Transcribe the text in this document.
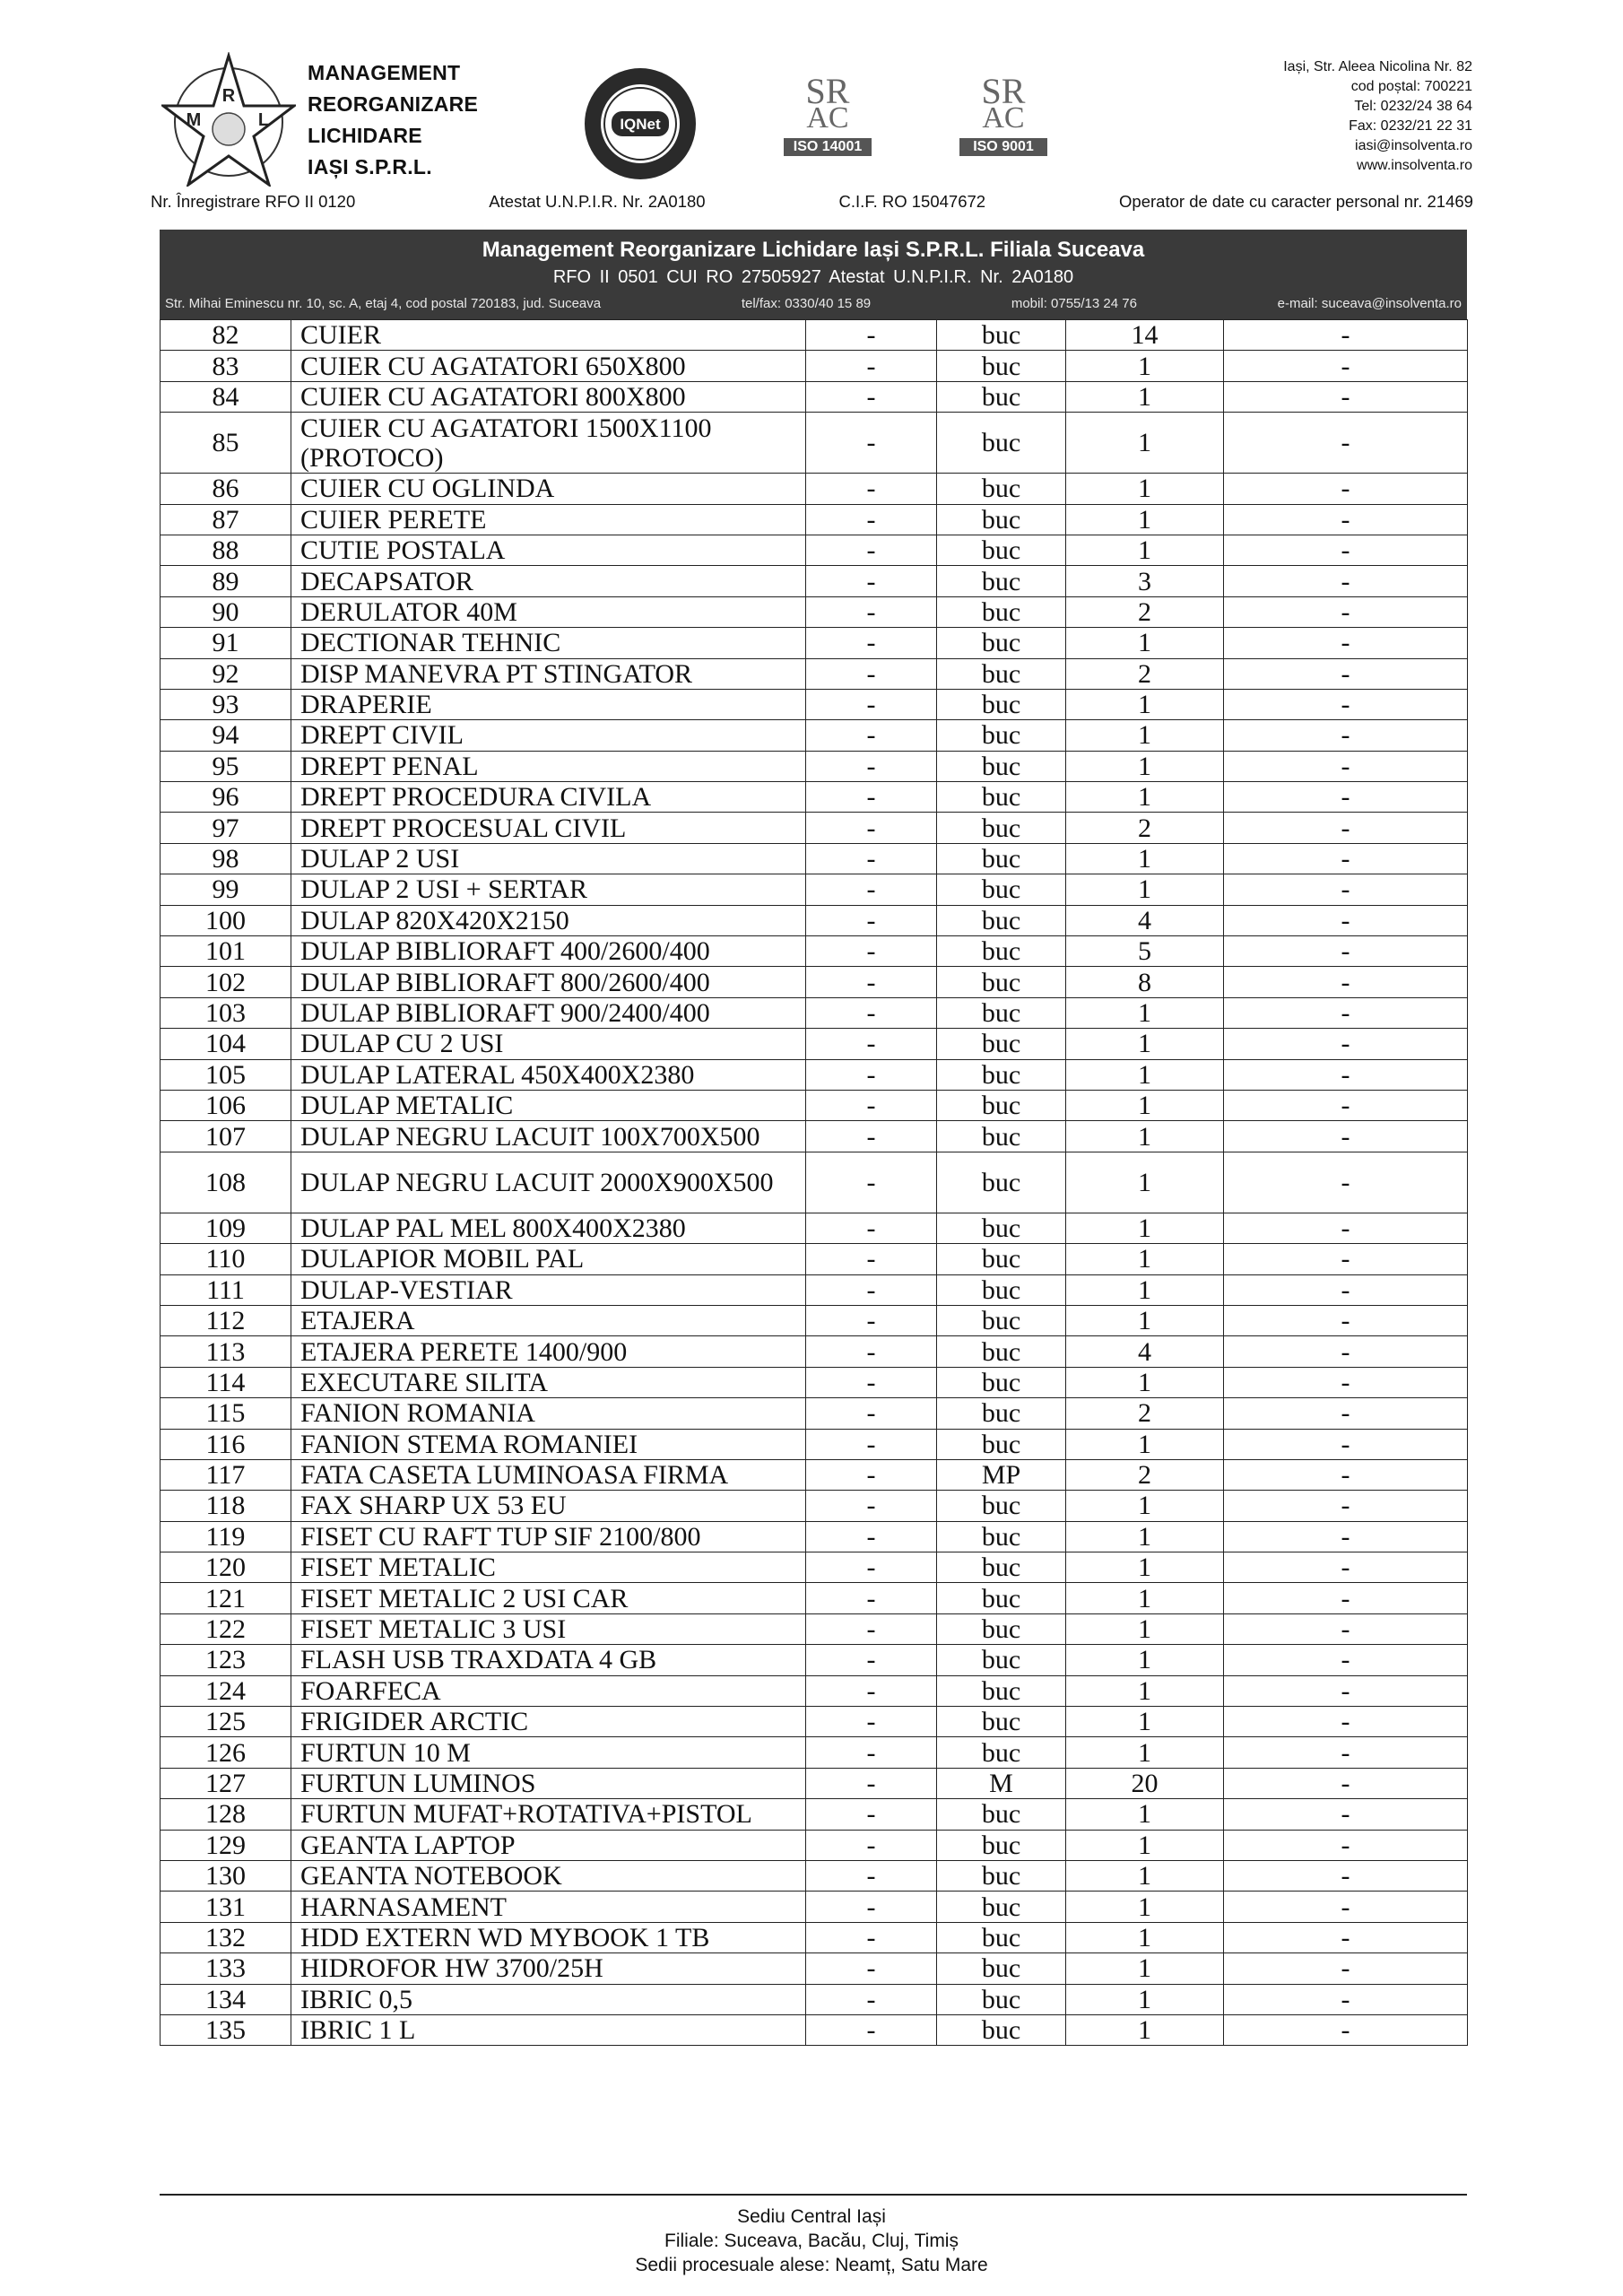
R
M	L
MANAGEMENT
REORGANIZARE
LICHIDARE
IAȘI S.P.R.L.
IQNet
SR
AC
ISO 14001
SR
AC
ISO 9001
Iași, Str. Aleea Nicolina Nr. 82
cod poștal: 700221
Tel: 0232/24 38 64
Fax: 0232/21 22 31
iasi@insolventa.ro
www.insolventa.ro
Nr. Înregistrare RFO II 0120	Atestat U.N.P.I.R. Nr. 2A0180	C.I.F. RO 15047672	Operator de date cu caracter personal nr. 21469
Management Reorganizare Lichidare Iași S.P.R.L. Filiala Suceava
RFO II 0501 CUI RO 27505927 Atestat U.N.P.I.R. Nr. 2A0180
Str. Mihai Eminescu nr. 10, sc. A, etaj 4, cod postal 720183, jud. Suceava	tel/fax: 0330/40 15 89	mobil: 0755/13 24 76	e-mail: suceava@insolventa.ro
82	CUIER	-	buc	14	-
83	CUIER CU AGATATORI 650X800	-	buc	1	-
84	CUIER CU AGATATORI 800X800	-	buc	1	-
85	CUIER CU AGATATORI 1500X1100 (PROTOCO)	-	buc	1	-
86	CUIER CU OGLINDA	-	buc	1	-
87	CUIER PERETE	-	buc	1	-
88	CUTIE POSTALA	-	buc	1	-
89	DECAPSATOR	-	buc	3	-
90	DERULATOR 40M	-	buc	2	-
91	DECTIONAR TEHNIC	-	buc	1	-
92	DISP MANEVRA PT STINGATOR	-	buc	2	-
93	DRAPERIE	-	buc	1	-
94	DREPT CIVIL	-	buc	1	-
95	DREPT PENAL	-	buc	1	-
96	DREPT PROCEDURA CIVILA	-	buc	1	-
97	DREPT PROCESUAL CIVIL	-	buc	2	-
98	DULAP 2 USI	-	buc	1	-
99	DULAP 2 USI + SERTAR	-	buc	1	-
100	DULAP 820X420X2150	-	buc	4	-
101	DULAP BIBLIORAFT 400/2600/400	-	buc	5	-
102	DULAP BIBLIORAFT 800/2600/400	-	buc	8	-
103	DULAP BIBLIORAFT 900/2400/400	-	buc	1	-
104	DULAP CU 2 USI	-	buc	1	-
105	DULAP LATERAL 450X400X2380	-	buc	1	-
106	DULAP METALIC	-	buc	1	-
107	DULAP NEGRU LACUIT 100X700X500	-	buc	1	-
108	DULAP NEGRU LACUIT 2000X900X500	-	buc	1	-
109	DULAP PAL MEL 800X400X2380	-	buc	1	-
110	DULAPIOR MOBIL PAL	-	buc	1	-
111	DULAP-VESTIAR	-	buc	1	-
112	ETAJERA	-	buc	1	-
113	ETAJERA PERETE 1400/900	-	buc	4	-
114	EXECUTARE SILITA	-	buc	1	-
115	FANION ROMANIA	-	buc	2	-
116	FANION STEMA ROMANIEI	-	buc	1	-
117	FATA CASETA LUMINOASA FIRMA	-	MP	2	-
118	FAX SHARP UX 53 EU	-	buc	1	-
119	FISET CU RAFT TUP SIF 2100/800	-	buc	1	-
120	FISET METALIC	-	buc	1	-
121	FISET METALIC 2 USI CAR	-	buc	1	-
122	FISET METALIC 3 USI	-	buc	1	-
123	FLASH USB TRAXDATA 4 GB	-	buc	1	-
124	FOARFECA	-	buc	1	-
125	FRIGIDER ARCTIC	-	buc	1	-
126	FURTUN 10 M	-	buc	1	-
127	FURTUN LUMINOS	-	M	20	-
128	FURTUN MUFAT+ROTATIVA+PISTOL	-	buc	1	-
129	GEANTA LAPTOP	-	buc	1	-
130	GEANTA NOTEBOOK	-	buc	1	-
131	HARNASAMENT	-	buc	1	-
132	HDD EXTERN WD MYBOOK 1 TB	-	buc	1	-
133	HIDROFOR HW 3700/25H	-	buc	1	-
134	IBRIC 0,5	-	buc	1	-
135	IBRIC 1 L	-	buc	1	-
Sediu Central Iași
Filiale: Suceava, Bacău, Cluj, Timiș
Sedii procesuale alese: Neamț, Satu Mare
